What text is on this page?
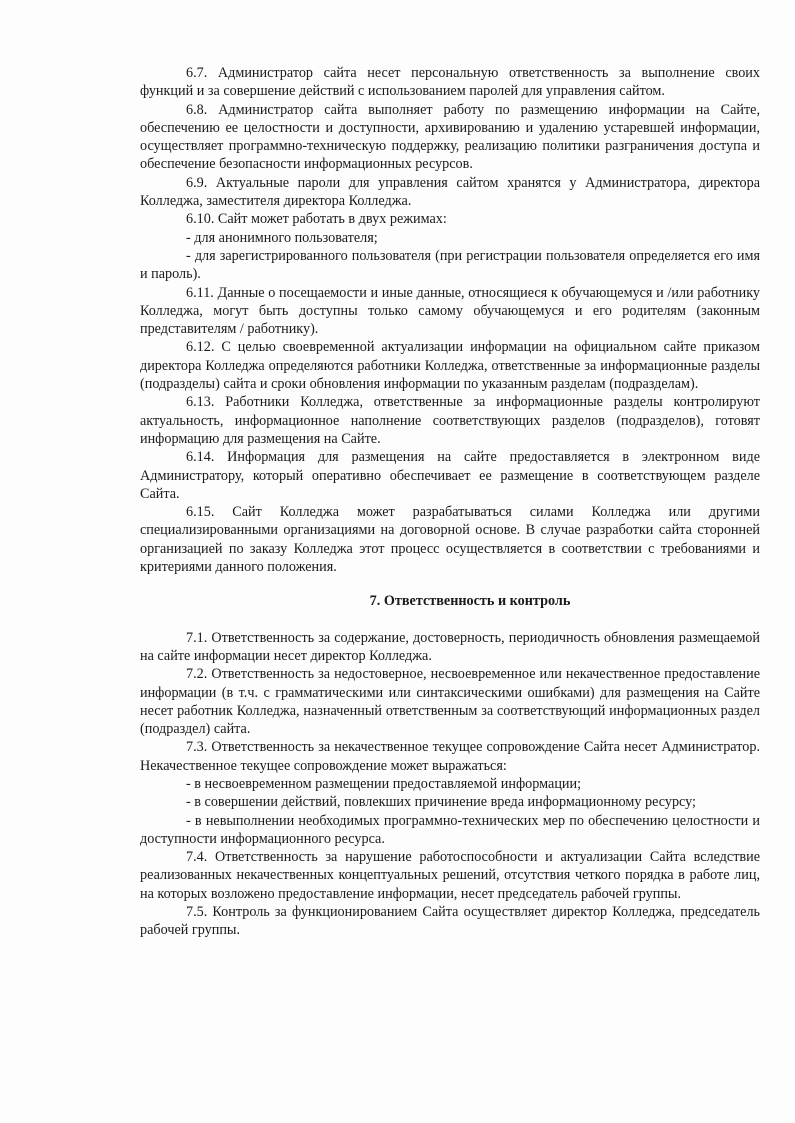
6.7. Администратор сайта несет персональную ответственность за выполнение своих функций и за совершение действий с использованием паролей для управления сайтом.

6.8. Администратор сайта выполняет работу по размещению информации на Сайте, обеспечению ее целостности и доступности, архивированию и удалению устаревшей информации, осуществляет программно-техническую поддержку, реализацию политики разграничения доступа и обеспечение безопасности информационных ресурсов.

6.9. Актуальные пароли для управления сайтом хранятся у Администратора, директора Колледжа, заместителя директора Колледжа.

6.10. Сайт может работать в двух режимах:

- для анонимного пользователя;

- для зарегистрированного пользователя (при регистрации пользователя определяется его имя и пароль).

6.11. Данные о посещаемости и иные данные, относящиеся к обучающемуся и /или работнику Колледжа, могут быть доступны только самому обучающемуся и его родителям (законным представителям / работнику).

6.12. С целью своевременной актуализации информации на официальном сайте приказом директора Колледжа определяются работники Колледжа, ответственные за информационные разделы (подразделы) сайта и сроки обновления информации по указанным разделам (подразделам).

6.13. Работники Колледжа, ответственные за информационные разделы контролируют актуальность, информационное наполнение соответствующих разделов (подразделов), готовят информацию для размещения на Сайте.

6.14. Информация для размещения на сайте предоставляется в электронном виде Администратору, который оперативно обеспечивает ее размещение в соответствующем разделе Сайта.

6.15. Сайт Колледжа может разрабатываться силами Колледжа или другими специализированными организациями на договорной основе. В случае разработки сайта сторонней организацией по заказу Колледжа этот процесс осуществляется в соответствии с требованиями и критериями данного положения.

7. Ответственность и контроль

7.1. Ответственность за содержание, достоверность, периодичность обновления размещаемой на сайте информации несет директор Колледжа.

7.2. Ответственность за недостоверное, несвоевременное или некачественное предоставление информации (в т.ч. с грамматическими или синтаксическими ошибками) для размещения на Сайте несет работник Колледжа, назначенный ответственным за соответствующий информационных раздел (подраздел) сайта.

7.3. Ответственность за некачественное текущее сопровождение Сайта несет Администратор. Некачественное текущее сопровождение может выражаться:

- в несвоевременном размещении предоставляемой информации;

- в совершении действий, повлекших причинение вреда информационному ресурсу;

- в невыполнении необходимых программно-технических мер по обеспечению целостности и доступности информационного ресурса.

7.4. Ответственность за нарушение работоспособности и актуализации Сайта вследствие реализованных некачественных концептуальных решений, отсутствия четкого порядка в работе лиц, на которых возложено предоставление информации, несет председатель рабочей группы.

7.5. Контроль за функционированием Сайта осуществляет директор Колледжа, председатель рабочей группы.
